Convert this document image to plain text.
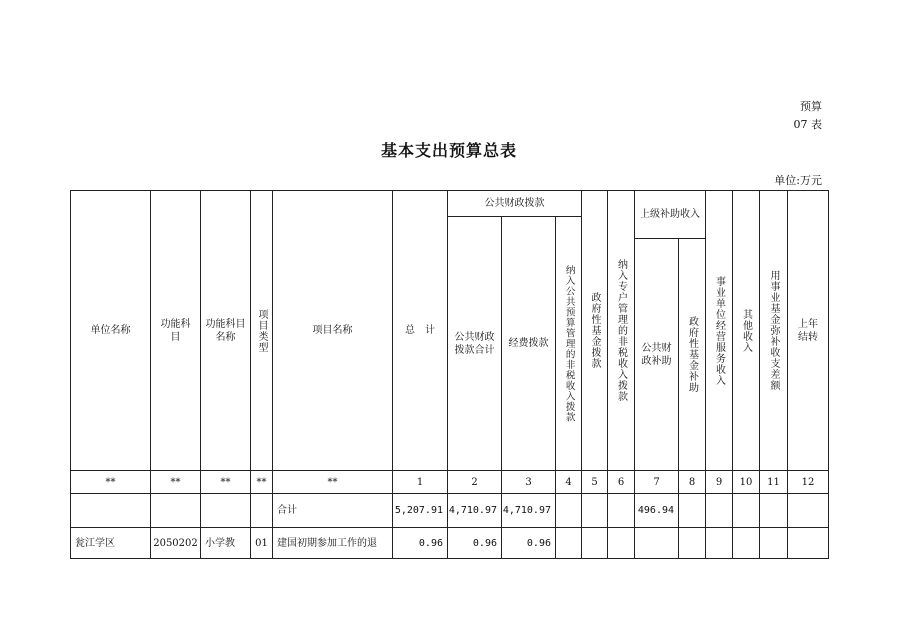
预算
07 表
基本支出预算总表
单位:万元
单位名称	功能科目	功能科目名称	项目类型	项目名称	总　计	公共财政拨款			政府性基金拨款	纳入专户管理的非税收入拨款	上级补助收入		事业单位经营服务收入	其他收入	用事业基金弥补收支差额	上年结转

						公共财政拨款合计	经费拨款	纳入公共预算管理的非税收入拨款								

											公共财政补助	政府性基金补助				

**	**	**	**	**	1	2	3	4	5	6	7	8	9	10	11	12
				合计	5,207.91	4,710.97	4,710.97				496.94					
瓮江学区	2050202	小学教	01	建国初期参加工作的退	0.96	0.96	0.96									
